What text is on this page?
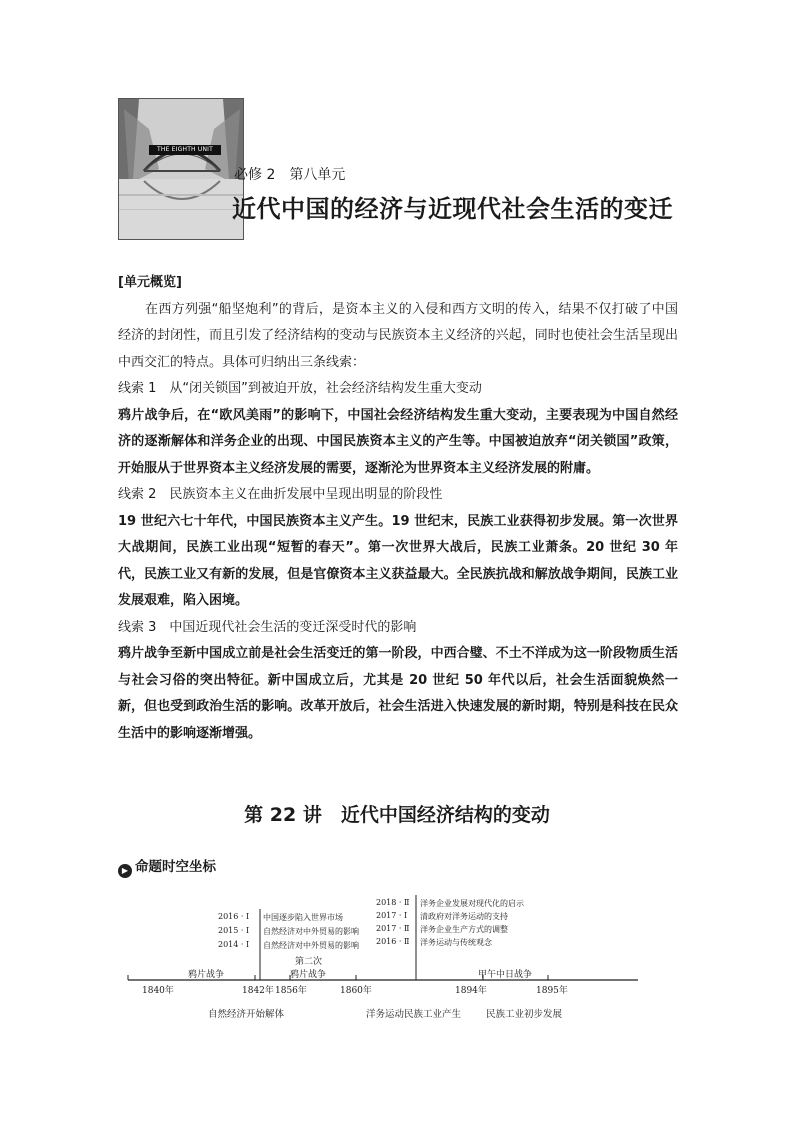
THE EIGHTH UNIT
必修 2　第八单元
近代中国的经济与近现代社会生活的变迁

[单元概览]

在西方列强“船坚炮利”的背后，是资本主义的入侵和西方文明的传入，结果不仅打破了中国经济的封闭性，而且引发了经济结构的变动与民族资本主义经济的兴起，同时也使社会生活呈现出中西交汇的特点。具体可归纳出三条线索：

线索 1　从“闭关锁国”到被迫开放，社会经济结构发生重大变动

鸦片战争后，在“欧风美雨”的影响下，中国社会经济结构发生重大变动，主要表现为中国自然经济的逐渐解体和洋务企业的出现、中国民族资本主义的产生等。中国被迫放弃“闭关锁国”政策，开始服从于世界资本主义经济发展的需要，逐渐沦为世界资本主义经济发展的附庸。

线索 2　民族资本主义在曲折发展中呈现出明显的阶段性

19 世纪六七十年代，中国民族资本主义产生。19 世纪末，民族工业获得初步发展。第一次世界大战期间，民族工业出现“短暂的春天”。第一次世界大战后，民族工业萧条。20 世纪 30 年代，民族工业又有新的发展，但是官僚资本主义获益最大。全民族抗战和解放战争期间，民族工业发展艰难，陷入困境。

线索 3　中国近现代社会生活的变迁深受时代的影响

鸦片战争至新中国成立前是社会生活变迁的第一阶段，中西合璧、不土不洋成为这一阶段物质生活与社会习俗的突出特征。新中国成立后，尤其是 20 世纪 50 年代以后，社会生活面貌焕然一新，但也受到政治生活的影响。改革开放后，社会生活进入快速发展的新时期，特别是科技在民众生活中的影响逐渐增强。

第 22 讲　近代中国经济结构的变动
▶ 命题时空坐标
2016 · Ⅰ 中国逐步陷入世界市场
2015 · Ⅰ 自然经济对中外贸易的影响
2014 · Ⅰ 自然经济对中外贸易的影响
2018 · Ⅱ 洋务企业发展对现代化的启示
2017 · Ⅰ 清政府对洋务运动的支持
2017 · Ⅱ 洋务企业生产方式的调整
2016 · Ⅱ 洋务运动与传统观念
鸦片战争
第二次
鸦片战争	甲午中日战争
1840年	1842年 1856年	1860年	1894年	1895年
自然经济开始解体	洋务运动民族工业产生	民族工业初步发展
